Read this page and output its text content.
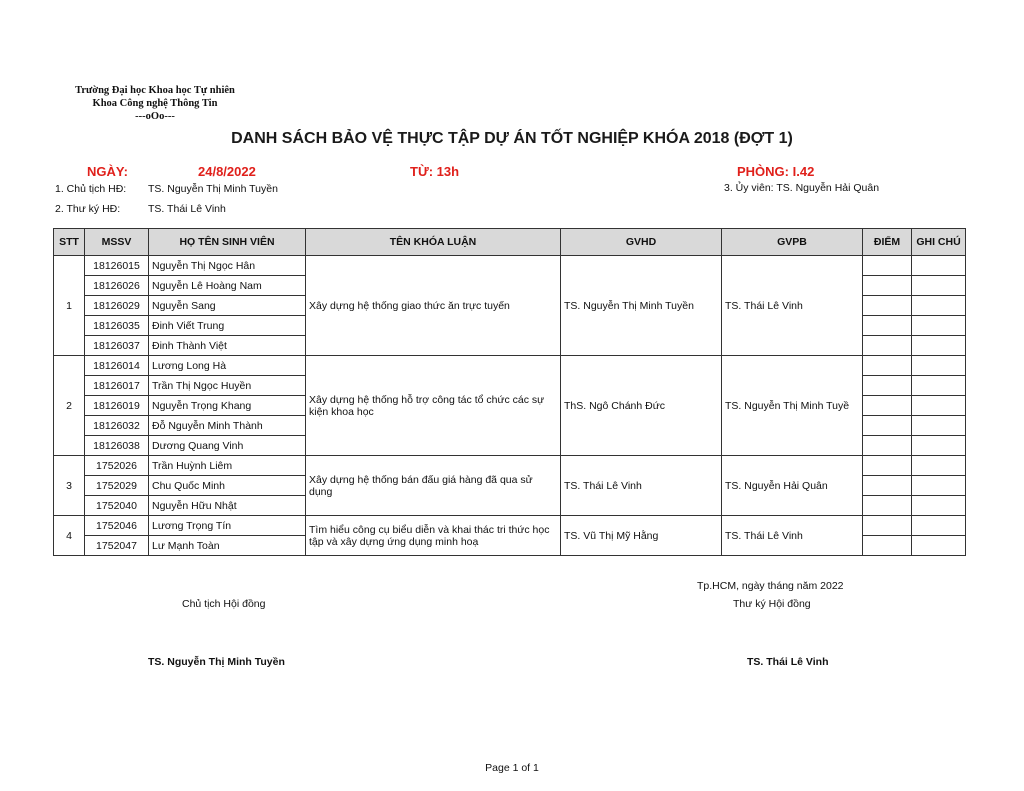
Trường Đại học Khoa học Tự nhiên
Khoa Công nghệ Thông Tin
---oOo---
DANH SÁCH BẢO VỆ THỰC TẬP DỰ ÁN TỐT NGHIỆP KHÓA 2018 (ĐỢT 1)
NGÀY:	24/8/2022	TỪ: 13h	PHÒNG: I.42
1. Chủ tịch HĐ: TS. Nguyễn Thị Minh Tuyền	3. Ủy viên: TS. Nguyễn Hải Quân
2. Thư ký HĐ:	TS. Thái Lê Vinh
STT	MSSV	HỌ TÊN SINH VIÊN	TÊN KHÓA LUẬN	GVHD	GVPB	ĐIỂM	GHI CHÚ
1	18126015	Nguyễn Thị Ngọc Hân	Xây dựng hệ thống giao thức ăn trực tuyến	TS. Nguyễn Thị Minh Tuyền	TS. Thái Lê Vinh		
	18126026	Nguyễn Lê Hoàng Nam					
	18126029	Nguyễn Sang					
	18126035	Đinh Viết Trung					
	18126037	Đinh Thành Việt					
2	18126014	Lương Long Hà	Xây dựng hệ thống hỗ trợ công tác tổ chức các sự kiện khoa học	ThS. Ngô Chánh Đức	TS. Nguyễn Thị Minh Tuyề		
	18126017	Trần Thị Ngọc Huyền					
	18126019	Nguyễn Trọng Khang					
	18126032	Đỗ Nguyễn Minh Thành					
	18126038	Dương Quang Vinh					
3	1752026	Trần Huỳnh Liêm	Xây dựng hệ thống bán đấu giá hàng đã qua sử dụng	TS. Thái Lê Vinh	TS. Nguyễn Hải Quân		
	1752029	Chu Quốc Minh					
	1752040	Nguyễn Hữu Nhật					
4	1752046	Lương Trọng Tín	Tìm hiểu công cụ biểu diễn và khai thác tri thức học tập và xây dựng ứng dụng minh hoạ	TS. Vũ Thị Mỹ Hằng	TS. Thái Lê Vinh		
	1752047	Lư Mạnh Toàn					
Tp.HCM, ngày tháng năm 2022
Chủ tịch Hội đồng	Thư ký Hội đồng
TS. Nguyễn Thị Minh Tuyền	TS. Thái Lê Vinh
Page 1 of 1
